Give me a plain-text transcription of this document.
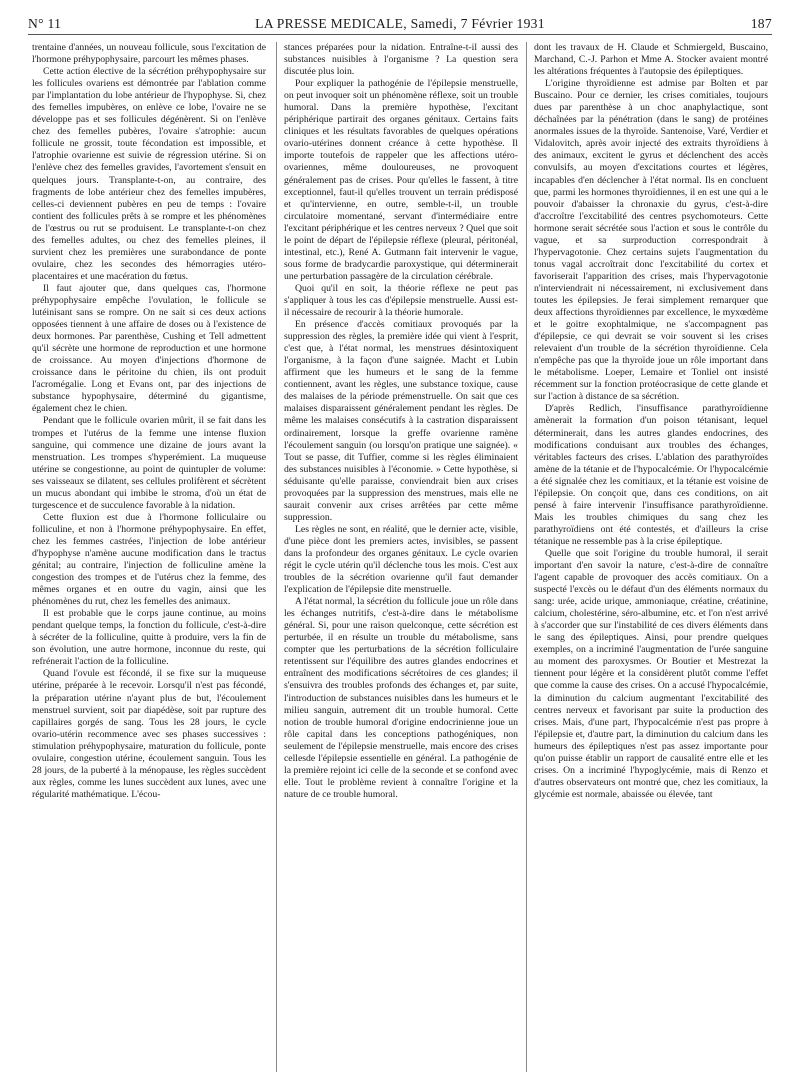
N° 11	LA PRESSE MEDICALE, Samedi, 7 Février 1931	187

trentaine d'années, un nouveau follicule, sous l'excitation de l'hormone préhypophysaire, parcourt les mêmes phases.

Cette action élective de la sécrétion préhypophysaire sur les follicules ovariens est démontrée par l'ablation comme par l'implantation du lobe antérieur de l'hypophyse. Si, chez des femelles impubères, on enlève ce lobe, l'ovaire ne se développe pas et ses follicules dégénèrent. Si on l'enlève chez des femelles pubères, l'ovaire s'atrophie: aucun follicule ne grossit, toute fécondation est impossible, et l'atrophie ovarienne est suivie de régression utérine. Si on l'enlève chez des femelles gravides, l'avortement s'ensuit en quelques jours. Transplante-t-on, au contraire, des fragments de lobe antérieur chez des femelles impubères, celles-ci deviennent pubères en peu de temps : l'ovaire contient des follicules prêts à se rompre et les phénomènes de l'œstrus ou rut se produisent. Le transplante-t-on chez des femelles adultes, ou chez des femelles pleines, il survient chez les premières une surabondance de ponte ovulaire, chez les secondes des hémorragies utéro-placentaires et une macération du fœtus.

Il faut ajouter que, dans quelques cas, l'hormone préhypophysaire empêche l'ovulation, le follicule se lutéinisant sans se rompre. On ne sait si ces deux actions opposées tiennent à une affaire de doses ou à l'existence de deux hormones. Par parenthèse, Cushing et Tell admettent qu'il sécrète une hormone de reproduction et une hormone de croissance. Au moyen d'injections d'hormone de croissance dans le péritoine du chien, ils ont produit l'acromégalie. Long et Evans ont, par des injections de substance hypophysaire, déterminé du gigantisme, également chez le chien.

Pendant que le follicule ovarien mûrit, il se fait dans les trompes et l'utérus de la femme une intense fluxion sanguine, qui commence une dizaine de jours avant la menstruation. Les trompes s'hyperémient. La muqueuse utérine se congestionne, au point de quintupler de volume: ses vaisseaux se dilatent, ses cellules prolifèrent et sécrètent un mucus abondant qui imbibe le stroma, d'où un état de turgescence et de succulence favorable à la nidation.

Cette fluxion est due à l'hormone folliculaire ou folliculine, et non à l'hormone préhypophysaire. En effet, chez les femmes castrées, l'injection de lobe antérieur d'hypophyse n'amène aucune modification dans le tractus génital; au contraire, l'injection de folliculine amène la congestion des trompes et de l'utérus chez la femme, des mêmes organes et en outre du vagin, ainsi que les phénomènes du rut, chez les femelles des animaux.

Il est probable que le corps jaune continue, au moins pendant quelque temps, la fonction du follicule, c'est-à-dire à sécréter de la folliculine, quitte à produire, vers la fin de son évolution, une autre hormone, inconnue du reste, qui refrénerait l'action de la folliculine.

Quand l'ovule est fécondé, il se fixe sur la muqueuse utérine, préparée à le recevoir. Lorsqu'il n'est pas fécondé, la préparation utérine n'ayant plus de but, l'écoulement menstruel survient, soit par diapédèse, soit par rupture des capillaires gorgés de sang. Tous les 28 jours, le cycle ovario-utérin recommence avec ses phases successives : stimulation préhypophysaire, maturation du follicule, ponte ovulaire, congestion utérine, écoulement sanguin. Tous les 28 jours, de la puberté à la ménopause, les règles succèdent aux règles, comme les lunes succèdent aux lunes, avec une régularité mathématique. L'écou-

stances préparées pour la nidation. Entraîne-t-il aussi des substances nuisibles à l'organisme ? La question sera discutée plus loin.

Pour expliquer la pathogénie de l'épilepsie menstruelle, on peut invoquer soit un phénomène réflexe, soit un trouble humoral. Dans la première hypothèse, l'excitant périphérique partirait des organes génitaux. Certains faits cliniques et les résultats favorables de quelques opérations ovario-utérines donnent créance à cette hypothèse. Il importe toutefois de rappeler que les affections utéro-ovariennes, même douloureuses, ne provoquent généralement pas de crises. Pour qu'elles le fassent, à titre exceptionnel, faut-il qu'elles trouvent un terrain prédisposé et qu'intervienne, en outre, semble-t-il, un trouble circulatoire momentané, servant d'intermédiaire entre l'excitant périphérique et les centres nerveux ? Quel que soit le point de départ de l'épilepsie réflexe (pleural, péritonéal, intestinal, etc.), René A. Gutmann fait intervenir le vague, sous forme de bradycardie paroxystique, qui déterminerait une perturbation passagère de la circulation cérébrale.

Quoi qu'il en soit, la théorie réflexe ne peut pas s'appliquer à tous les cas d'épilepsie menstruelle. Aussi est-il nécessaire de recourir à la théorie humorale.

En présence d'accès comitiaux provoqués par la suppression des règles, la première idée qui vient à l'esprit, c'est que, à l'état normal, les menstrues désintoxiquent l'organisme, à la façon d'une saignée. Macht et Lubin affirment que les humeurs et le sang de la femme contiennent, avant les règles, une substance toxique, cause des malaises de la période prémenstruelle. On sait que ces malaises disparaissent généralement pendant les règles. De même les malaises consécutifs à la castration disparaissent ordinairement, lorsque la greffe ovarienne ramène l'écoulement sanguin (ou lorsqu'on pratique une saignée). « Tout se passe, dit Tuffier, comme si les règles éliminaient des substances nuisibles à l'économie. » Cette hypothèse, si séduisante qu'elle paraisse, conviendrait bien aux crises provoquées par la suppression des menstrues, mais elle ne saurait convenir aux crises arrêtées par cette même suppression.

Les règles ne sont, en réalité, que le dernier acte, visible, d'une pièce dont les premiers actes, invisibles, se passent dans la profondeur des organes génitaux. Le cycle ovarien régit le cycle utérin qu'il déclenche tous les mois. C'est aux troubles de la sécrétion ovarienne qu'il faut demander l'explication de l'épilepsie dite menstruelle.

A l'état normal, la sécrétion du follicule joue un rôle dans les échanges nutritifs, c'est-à-dire dans le métabolisme général. Si, pour une raison quelconque, cette sécrétion est perturbée, il en résulte un trouble du métabolisme, sans compter que les perturbations de la sécrétion folliculaire retentissent sur l'équilibre des autres glandes endocrines et entraînent des modifications sécrétoires de ces glandes; il s'ensuivra des troubles profonds des échanges et, par suite, l'introduction de substances nuisibles dans les humeurs et le milieu sanguin, autrement dit un trouble humoral. Cette notion de trouble humoral d'origine endocrinienne joue un rôle capital dans les conceptions pathogéniques, non seulement de l'épilepsie menstruelle, mais encore des crises cellesde l'épilepsie essentielle en général. La pathogénie de la première rejoint ici celle de la seconde et se confond avec elle. Tout le problème revient à connaître l'origine et la nature de ce trouble humoral.

dont les travaux de H. Claude et Schmiergeld, Buscaino, Marchand, C.-J. Parhon et Mme A. Stocker avaient montré les altérations fréquentes à l'autopsie des épileptiques.

L'origine thyroïdienne est admise par Bolten et par Buscaino. Pour ce dernier, les crises comitiales, toujours dues par parenthèse à un choc anaphylactique, sont déchaînées par la pénétration (dans le sang) de protéines anormales issues de la thyroïde. Santenoise, Varé, Verdier et Vidalovitch, après avoir injecté des extraits thyroïdiens à des animaux, excitent le gyrus et déclenchent des accès convulsifs, au moyen d'excitations courtes et légères, incapables d'en déclencher à l'état normal. Ils en concluent que, parmi les hormones thyroïdiennes, il en est une qui a le pouvoir d'abaisser la chronaxie du gyrus, c'est-à-dire d'accroître l'excitabilité des centres psychomoteurs. Cette hormone serait sécrétée sous l'action et sous le contrôle du vague, et sa surproduction correspondrait à l'hypervagotonie. Chez certains sujets l'augmentation du tonus vagal accroîtrait donc l'excitabilité du cortex et favoriserait l'apparition des crises, mais l'hypervagotonie n'interviendrait ni nécessairement, ni exclusivement dans toutes les épilepsies. Je ferai simplement remarquer que deux affections thyroïdiennes par excellence, le myxœdème et le goitre exophtalmique, ne s'accompagnent pas d'épilepsie, ce qui devrait se voir souvent si les crises relevaient d'un trouble de la sécrétion thyroïdienne. Cela n'empêche pas que la thyroïde joue un rôle important dans le métabolisme. Loeper, Lemaire et Tonliel ont insisté récemment sur la fonction protéocrasique de cette glande et sur l'action à distance de sa sécrétion.

D'après Redlich, l'insuffisance parathyroïdienne amènerait la formation d'un poison tétanisant, lequel déterminerait, dans les autres glandes endocrines, des modifications conduisant aux troubles des échanges, véritables facteurs des crises. L'ablation des parathyroïdes amène de la tétanie et de l'hypocalcémie. Or l'hypocalcémie a été signalée chez les comitiaux, et la tétanie est voisine de l'épilepsie. On conçoit que, dans ces conditions, on ait pensé à faire intervenir l'insuffisance parathyroïdienne. Mais les troubles chimiques du sang chez les parathyroïdiens ont été contestés, et d'ailleurs la crise tétanique ne ressemble pas à la crise épileptique.

Quelle que soit l'origine du trouble humoral, il serait important d'en savoir la nature, c'est-à-dire de connaître l'agent capable de provoquer des accès comitiaux. On a suspecté l'excès ou le défaut d'un des éléments normaux du sang: urée, acide urique, ammoniaque, créatine, créatinine, calcium, cholestérine, séro-albumine, etc. et l'on n'est arrivé à s'accorder que sur l'instabilité de ces divers éléments dans le sang des épileptiques. Ainsi, pour prendre quelques exemples, on a incriminé l'augmentation de l'urée sanguine au moment des paroxysmes. Or Boutier et Mestrezat la tiennent pour légère et la considèrent plutôt comme l'effet que comme la cause des crises. On a accusé l'hypocalcémie, la diminution du calcium augmentant l'excitabilité des centres nerveux et favorisant par suite la production des crises. Mais, d'une part, l'hypocalcémie n'est pas propre à l'épilepsie et, d'autre part, la diminution du calcium dans les humeurs des épileptiques n'est pas assez importante pour qu'on puisse établir un rapport de causalité entre elle et les crises. On a incriminé l'hypoglycémie, mais di Renzo et d'autres observateurs ont montré que, chez les comitiaux, la glycémie est normale, abaissée ou élevée, tant
